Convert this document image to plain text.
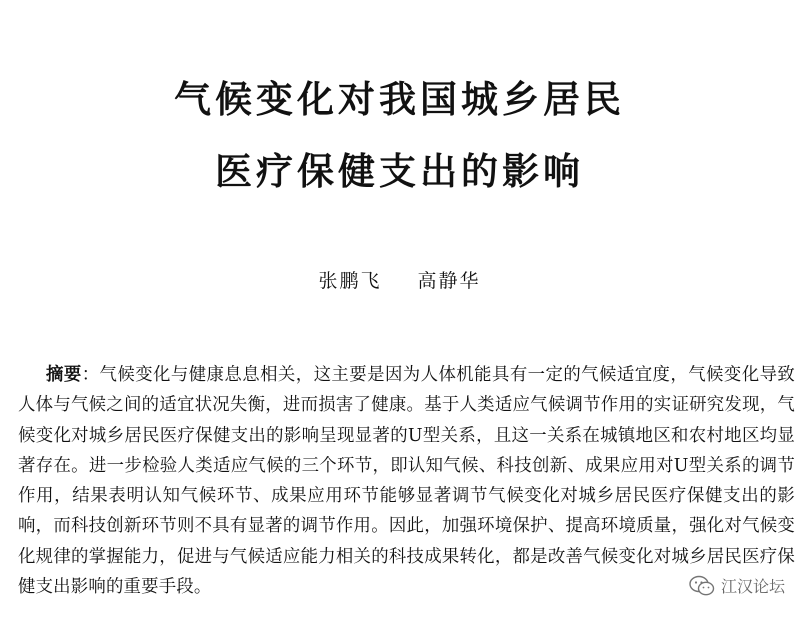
气候变化对我国城乡居民
医疗保健支出的影响
张鹏飞 高静华

摘要：气候变化与健康息息相关，这主要是因为人体机能具有一定的气候适宜度，气候变化导致人体与气候之间的适宜状况失衡，进而损害了健康。基于人类适应气候调节作用的实证研究发现，气候变化对城乡居民医疗保健支出的影响呈现显著的U型关系，且这一关系在城镇地区和农村地区均显著存在。进一步检验人类适应气候的三个环节，即认知气候、科技创新、成果应用对U型关系的调节作用，结果表明认知气候环节、成果应用环节能够显著调节气候变化对城乡居民医疗保健支出的影响，而科技创新环节则不具有显著的调节作用。因此，加强环境保护、提高环境质量，强化对气候变化规律的掌握能力，促进与气候适应能力相关的科技成果转化，都是改善气候变化对城乡居民医疗保健支出影响的重要手段。	江汉论坛
